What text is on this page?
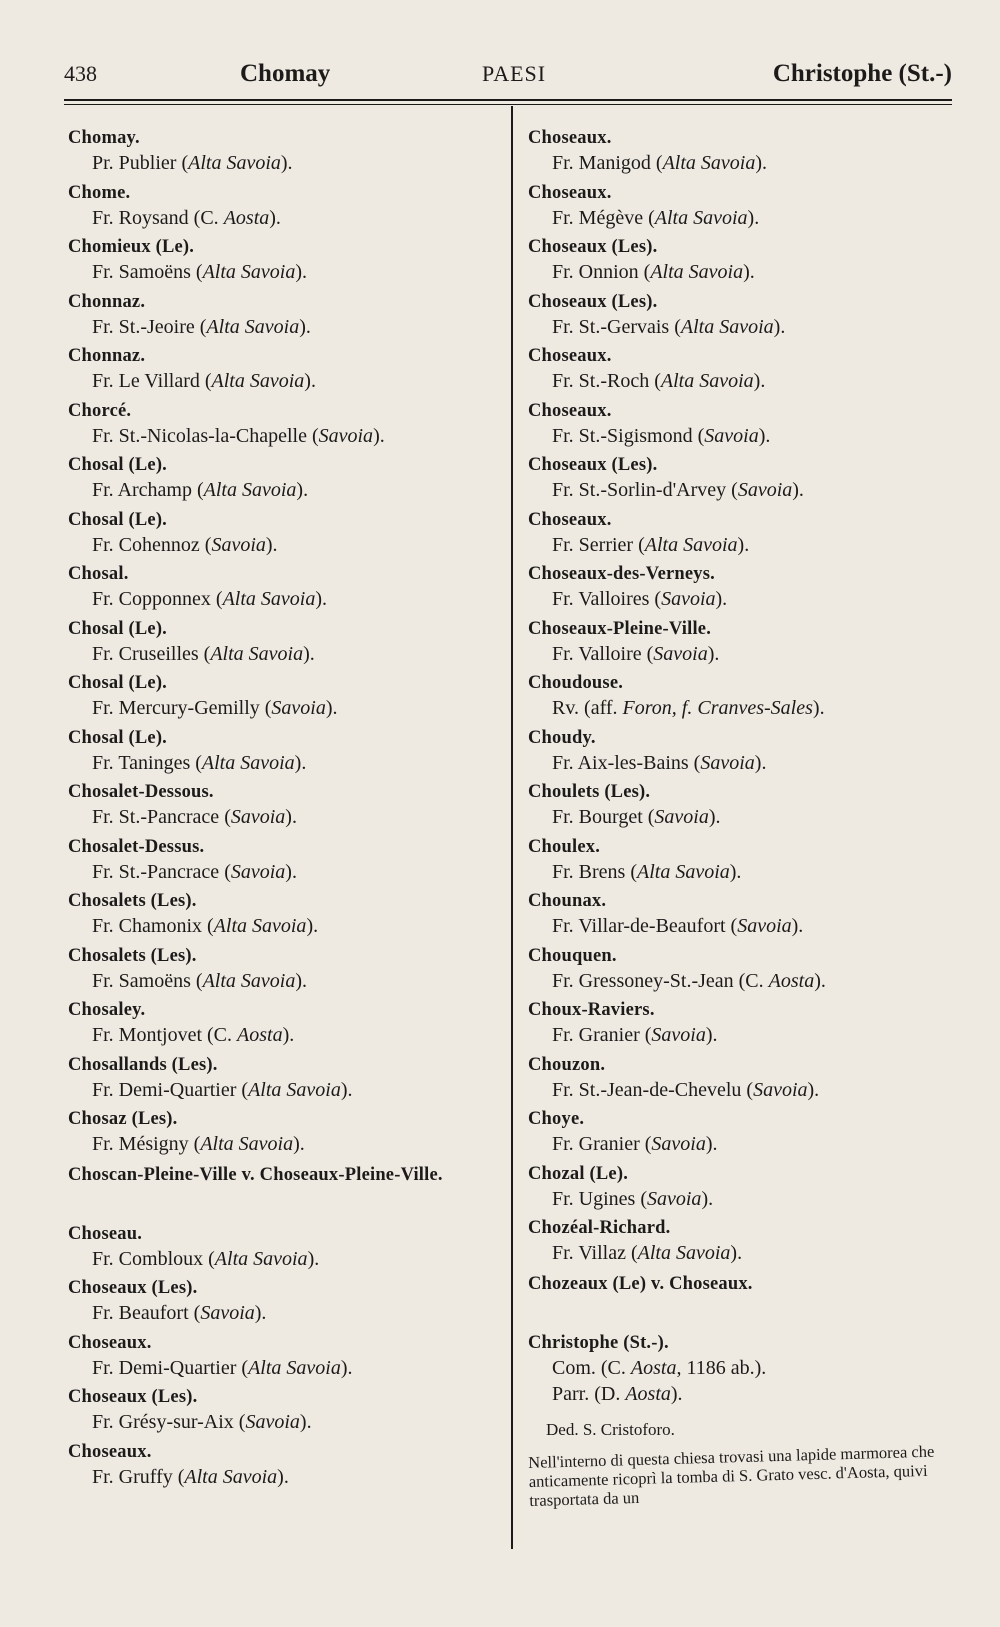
438	Chomay	PAESI	Christophe (St.-)
Chomay.
Pr. Publier (Alta Savoia).
Chome.
Fr. Roysand (C. Aosta).
Chomieux (Le).
Fr. Samoëns (Alta Savoia).
Chonnaz.
Fr. St.-Jeoire (Alta Savoia).
Chonnaz.
Fr. Le Villard (Alta Savoia).
Chorcé.
Fr. St.-Nicolas-la-Chapelle (Savoia).
Chosal (Le).
Fr. Archamp (Alta Savoia).
Chosal (Le).
Fr. Cohennoz (Savoia).
Chosal.
Fr. Copponnex (Alta Savoia).
Chosal (Le).
Fr. Cruseilles (Alta Savoia).
Chosal (Le).
Fr. Mercury-Gemilly (Savoia).
Chosal (Le).
Fr. Taninges (Alta Savoia).
Chosalet-Dessous.
Fr. St.-Pancrace (Savoia).
Chosalet-Dessus.
Fr. St.-Pancrace (Savoia).
Chosalets (Les).
Fr. Chamonix (Alta Savoia).
Chosalets (Les).
Fr. Samoëns (Alta Savoia).
Chosaley.
Fr. Montjovet (C. Aosta).
Chosallands (Les).
Fr. Demi-Quartier (Alta Savoia).
Chosaz (Les).
Fr. Mésigny (Alta Savoia).
Choscan-Pleine-Ville v. Choseaux-Pleine-Ville.
Choseau.
Fr. Combloux (Alta Savoia).
Choseaux (Les).
Fr. Beaufort (Savoia).
Choseaux.
Fr. Demi-Quartier (Alta Savoia).
Choseaux (Les).
Fr. Grésy-sur-Aix (Savoia).
Choseaux.
Fr. Gruffy (Alta Savoia).
Choseaux.
Fr. Manigod (Alta Savoia).
Choseaux.
Fr. Mégève (Alta Savoia).
Choseaux (Les).
Fr. Onnion (Alta Savoia).
Choseaux (Les).
Fr. St.-Gervais (Alta Savoia).
Choseaux.
Fr. St.-Roch (Alta Savoia).
Choseaux.
Fr. St.-Sigismond (Savoia).
Choseaux (Les).
Fr. St.-Sorlin-d'Arvey (Savoia).
Choseaux.
Fr. Serrier (Alta Savoia).
Choseaux-des-Verneys.
Fr. Valloires (Savoia).
Choseaux-Pleine-Ville.
Fr. Valloire (Savoia).
Choudouse.
Rv. (aff. Foron, f. Cranves-Sales).
Choudy.
Fr. Aix-les-Bains (Savoia).
Choulets (Les).
Fr. Bourget (Savoia).
Choulex.
Fr. Brens (Alta Savoia).
Chounax.
Fr. Villar-de-Beaufort (Savoia).
Chouquen.
Fr. Gressoney-St.-Jean (C. Aosta).
Choux-Raviers.
Fr. Granier (Savoia).
Chouzon.
Fr. St.-Jean-de-Chevelu (Savoia).
Choye.
Fr. Granier (Savoia).
Chozal (Le).
Fr. Ugines (Savoia).
Chozéal-Richard.
Fr. Villaz (Alta Savoia).
Chozeaux (Le) v. Choseaux.
Christophe (St.-).
Com. (C. Aosta, 1186 ab.).
Parr. (D. Aosta).
Ded. S. Cristoforo.
Nell'interno di questa chiesa trovasi una lapide marmorea che anticamente ricoprì la tomba di S. Grato vesc. d'Aosta, quivi trasportata da un
